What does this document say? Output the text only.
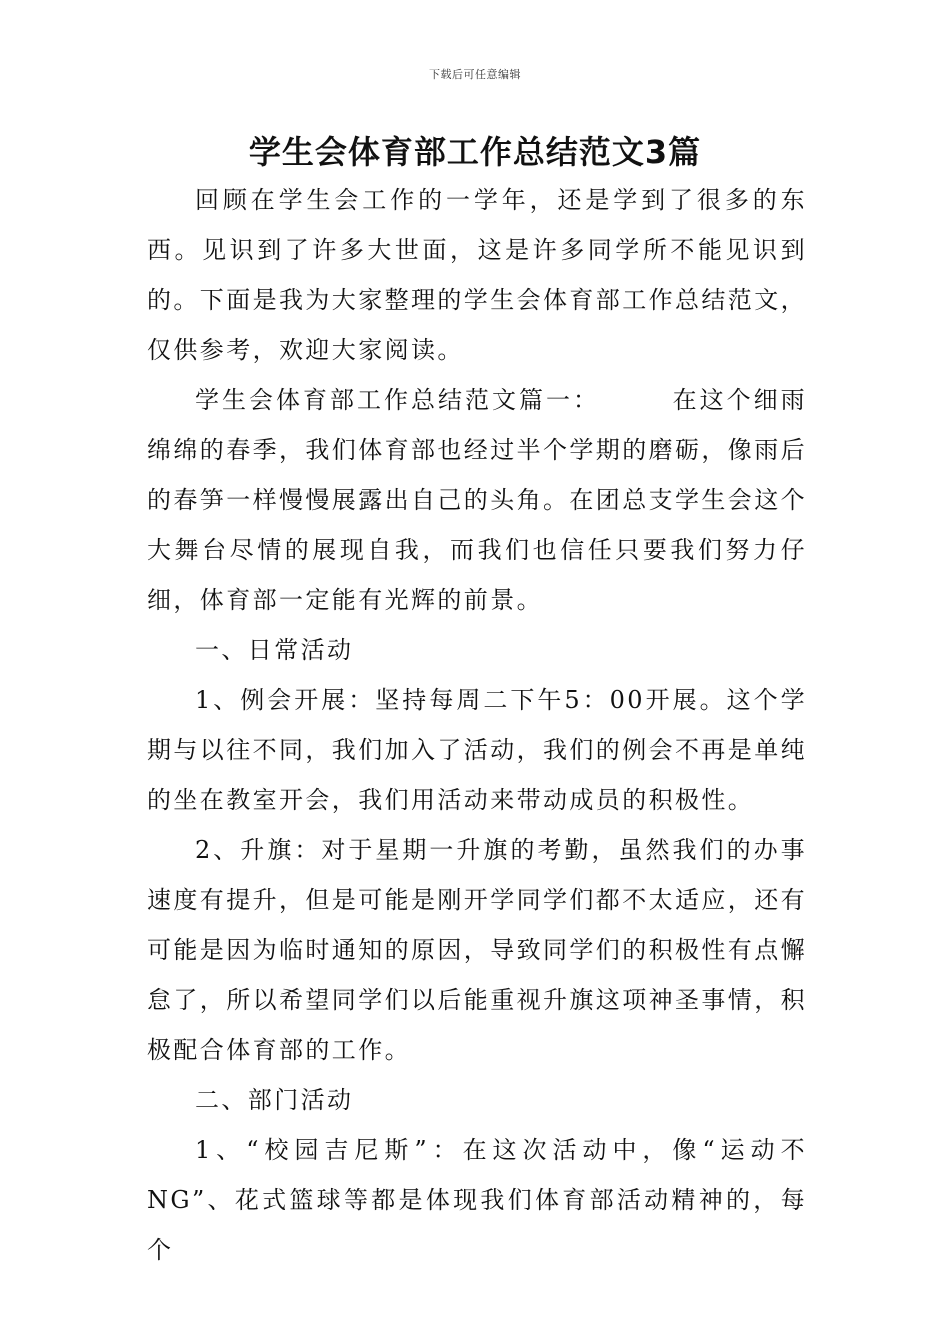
下载后可任意编辑
学生会体育部工作总结范文3篇

回顾在学生会工作的一学年，还是学到了很多的东西。见识到了许多大世面，这是许多同学所不能见识到的。下面是我为大家整理的学生会体育部工作总结范文，仅供参考，欢迎大家阅读。

学生会体育部工作总结范文篇一：	在这个细雨绵绵的春季，我们体育部也经过半个学期的磨砺，像雨后的春笋一样慢慢展露出自己的头角。在团总支学生会这个大舞台尽情的展现自我，而我们也信任只要我们努力仔细，体育部一定能有光辉的前景。

一、日常活动

1、例会开展：坚持每周二下午5：00开展。这个学期与以往不同，我们加入了活动，我们的例会不再是单纯的坐在教室开会，我们用活动来带动成员的积极性。

2、升旗：对于星期一升旗的考勤，虽然我们的办事速度有提升，但是可能是刚开学同学们都不太适应，还有可能是因为临时通知的原因，导致同学们的积极性有点懈怠了，所以希望同学们以后能重视升旗这项神圣事情，积极配合体育部的工作。

二、部门活动

1、“校园吉尼斯”：在这次活动中，像“运动不NG”、花式篮球等都是体现我们体育部活动精神的，每个
